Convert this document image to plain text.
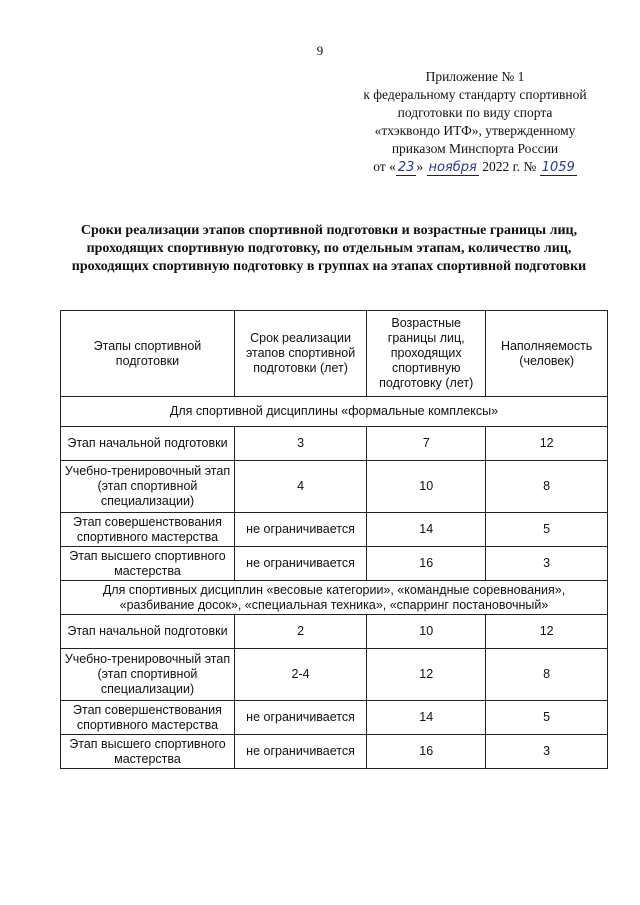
9
Приложение № 1
к федеральному стандарту спортивной
подготовки по виду спорта
«тхэквондо ИТФ», утвержденному
приказом Минспорта России
от « 23 » ноября 2022 г. № 1059
Сроки реализации этапов спортивной подготовки и возрастные границы лиц, проходящих спортивную подготовку, по отдельным этапам, количество лиц, проходящих спортивную подготовку в группах на этапах спортивной подготовки
Этапы спортивной подготовки	Срок реализации этапов спортивной подготовки (лет)	Возрастные границы лиц, проходящих спортивную подготовку (лет)	Наполняемость (человек)
Для спортивной дисциплины «формальные комплексы»			
Этап начальной подготовки	3	7	12
Учебно-тренировочный этап (этап спортивной специализации)	4	10	8
Этап совершенствования спортивного мастерства	не ограничивается	14	5
Этап высшего спортивного мастерства	не ограничивается	16	3
Для спортивных дисциплин «весовые категории», «командные соревнования», «разбивание досок», «специальная техника», «спарринг постановочный»			
Этап начальной подготовки	2	10	12
Учебно-тренировочный этап (этап спортивной специализации)	2-4	12	8
Этап совершенствования спортивного мастерства	не ограничивается	14	5
Этап высшего спортивного мастерства	не ограничивается	16	3
